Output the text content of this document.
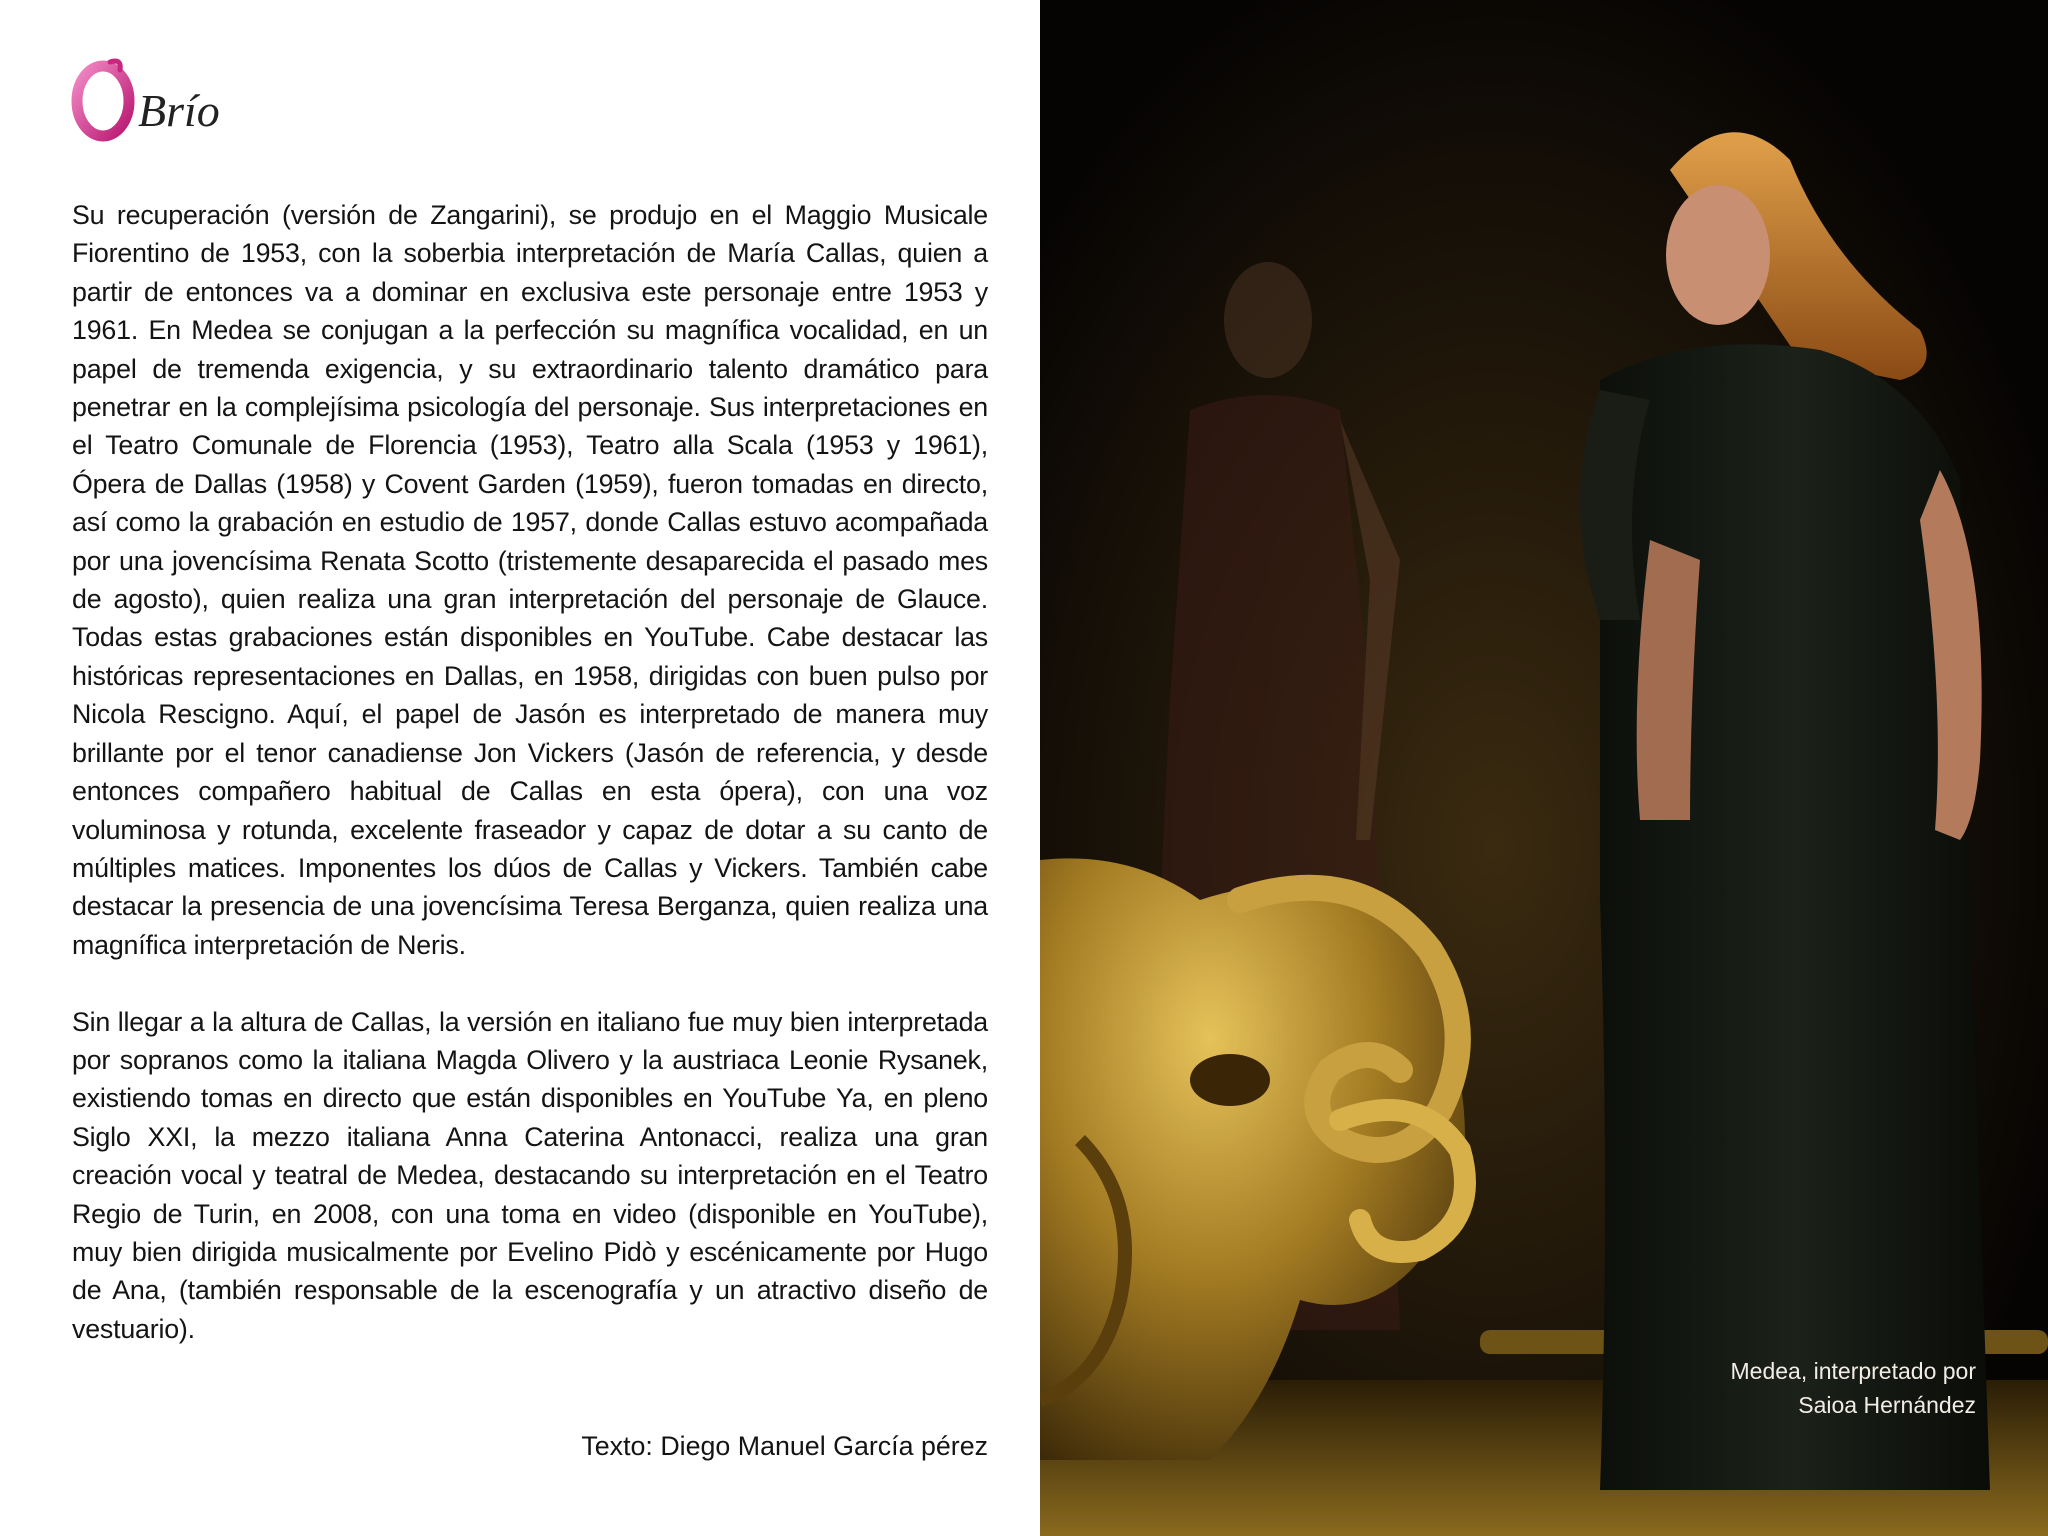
Brío

Su recuperación (versión de Zangarini), se produjo en el Maggio Musicale Fiorentino de 1953, con la soberbia interpretación de María Callas, quien a partir de entonces va a dominar en exclusiva este personaje entre 1953 y 1961. En Medea se conjugan a la perfección su magnífica vocalidad, en un papel de tremenda exigencia, y su extraordinario talento dramático para penetrar en la complejísima psicología del personaje. Sus interpretaciones en el Teatro Comunale de Florencia (1953), Teatro alla Scala (1953 y 1961), Ópera de Dallas (1958) y Covent Garden (1959), fueron tomadas en directo, así como la grabación en estudio de 1957, donde Callas estuvo acompañada por una jovencísima Renata Scotto (tristemente desaparecida el pasado mes de agosto), quien realiza una gran interpretación del personaje de Glauce. Todas estas grabaciones están disponibles en YouTube. Cabe destacar las históricas representaciones en Dallas, en 1958, dirigidas con buen pulso por Nicola Rescigno. Aquí, el papel de Jasón es interpretado de manera muy brillante por el tenor canadiense Jon Vickers (Jasón de referencia, y desde entonces compañero habitual de Callas en esta ópera), con una voz voluminosa y rotunda, excelente fraseador y capaz de dotar a su canto de múltiples matices. Imponentes los dúos de Callas y Vickers. También cabe destacar la presencia de una jovencísima Teresa Berganza, quien realiza una magnífica interpretación de Neris.

Sin llegar a la altura de Callas, la versión en italiano fue muy bien interpretada por sopranos como la italiana Magda Olivero y la austriaca Leonie Rysanek, existiendo tomas en directo que están disponibles en YouTube Ya, en pleno Siglo XXI, la mezzo italiana Anna Caterina Antonacci, realiza una gran creación vocal y teatral de Medea, destacando su interpretación en el Teatro Regio de Turin, en 2008, con una toma en video (disponible en YouTube), muy bien dirigida musicalmente por Evelino Pidò y escénicamente por Hugo de Ana, (también responsable de la escenografía y un atractivo diseño de vestuario).

Texto: Diego Manuel García pérez
Medea, interpretado por
Saioa Hernández
